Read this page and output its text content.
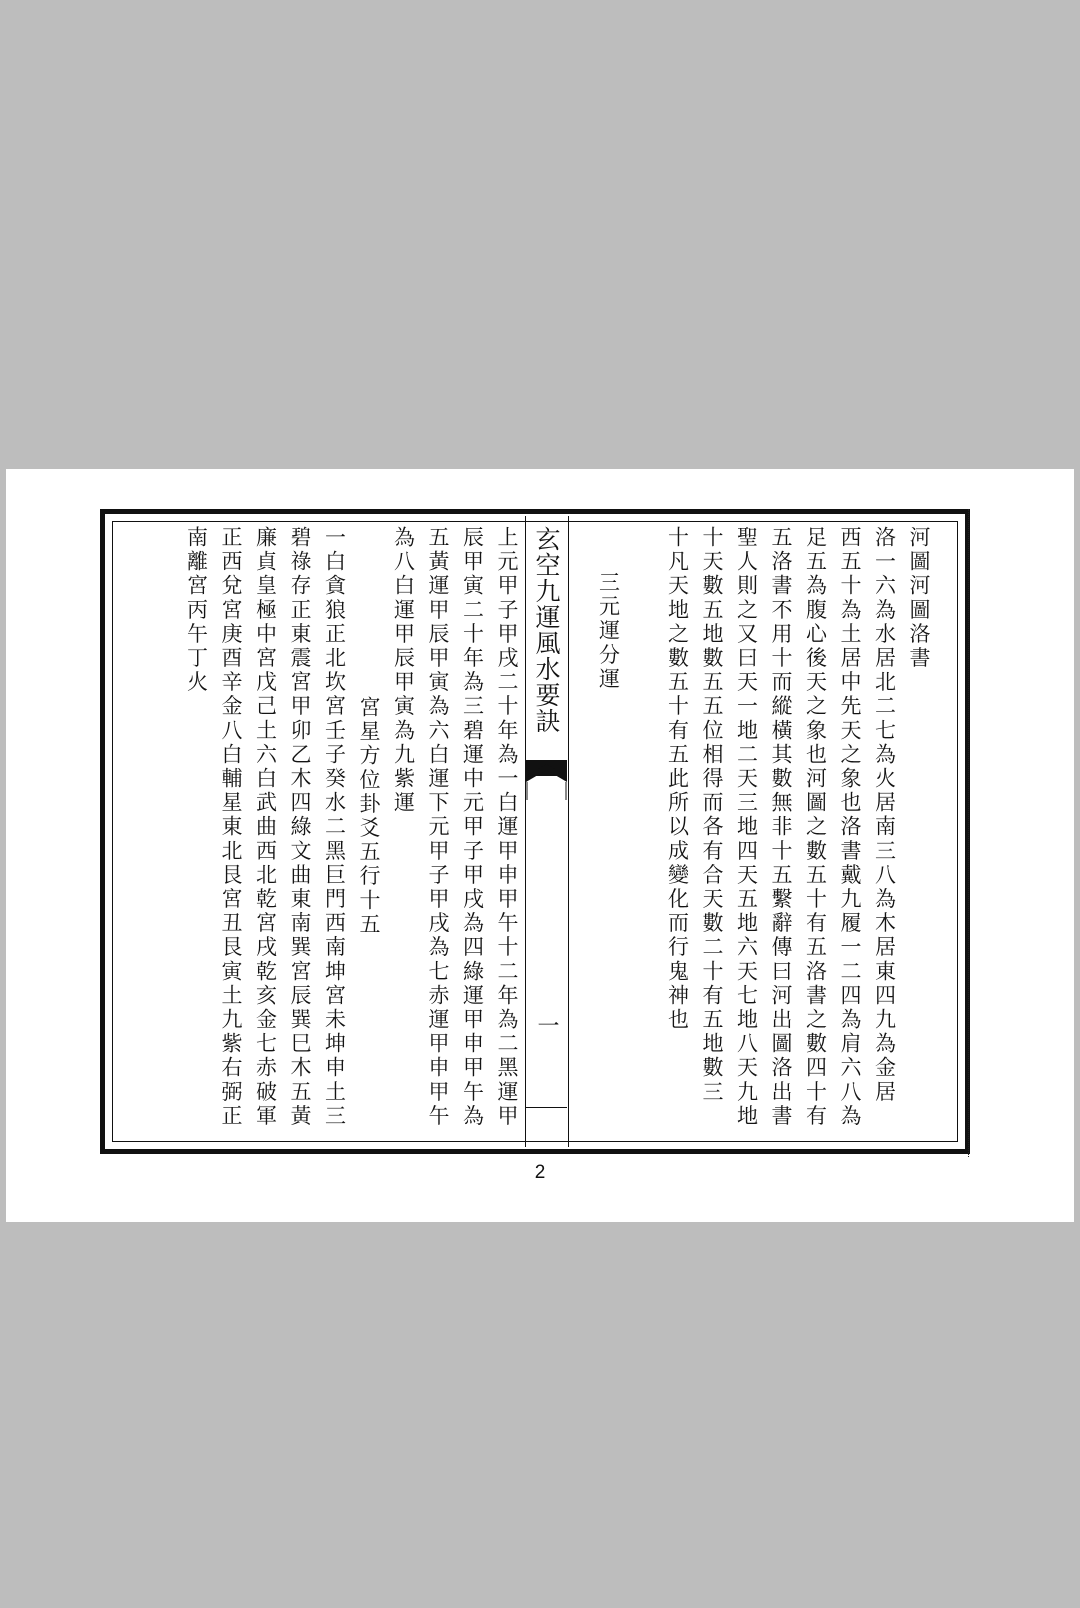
玄空九運風水要訣
一

河圖河圖洛書

洛一六為水居北二七為火居南三八為木居東四九為金居

西五十為土居中先天之象也洛書戴九履一二四為肩六八為

足五為腹心後天之象也河圖之數五十有五洛書之數四十有

五洛書不用十而縱橫其數無非十五繫辭傳曰河出圖洛出書

聖人則之又曰天一地二天三地四天五地六天七地八天九地

十天數五地數五五位相得而各有合天數二十有五地數三

十凡天地之數五十有五此所以成變化而行鬼神也

三元運分運

上元甲子甲戌二十年為一白運甲申甲午十二年為二黑運甲

辰甲寅二十年為三碧運中元甲子甲戌為四綠運甲申甲午為

五黃運甲辰甲寅為六白運下元甲子甲戌為七赤運甲申甲午

為八白運甲辰甲寅為九紫運

宮星方位卦爻五行十五

一白貪狼正北坎宮壬子癸水二黑巨門西南坤宮未坤申土三

碧祿存正東震宮甲卯乙木四綠文曲東南巽宮辰巽巳木五黃

廉貞皇極中宮戊己土六白武曲西北乾宮戌乾亥金七赤破軍

正西兌宮庚酉辛金八白輔星東北艮宮丑艮寅土九紫右弼正

南離宮丙午丁火

2
